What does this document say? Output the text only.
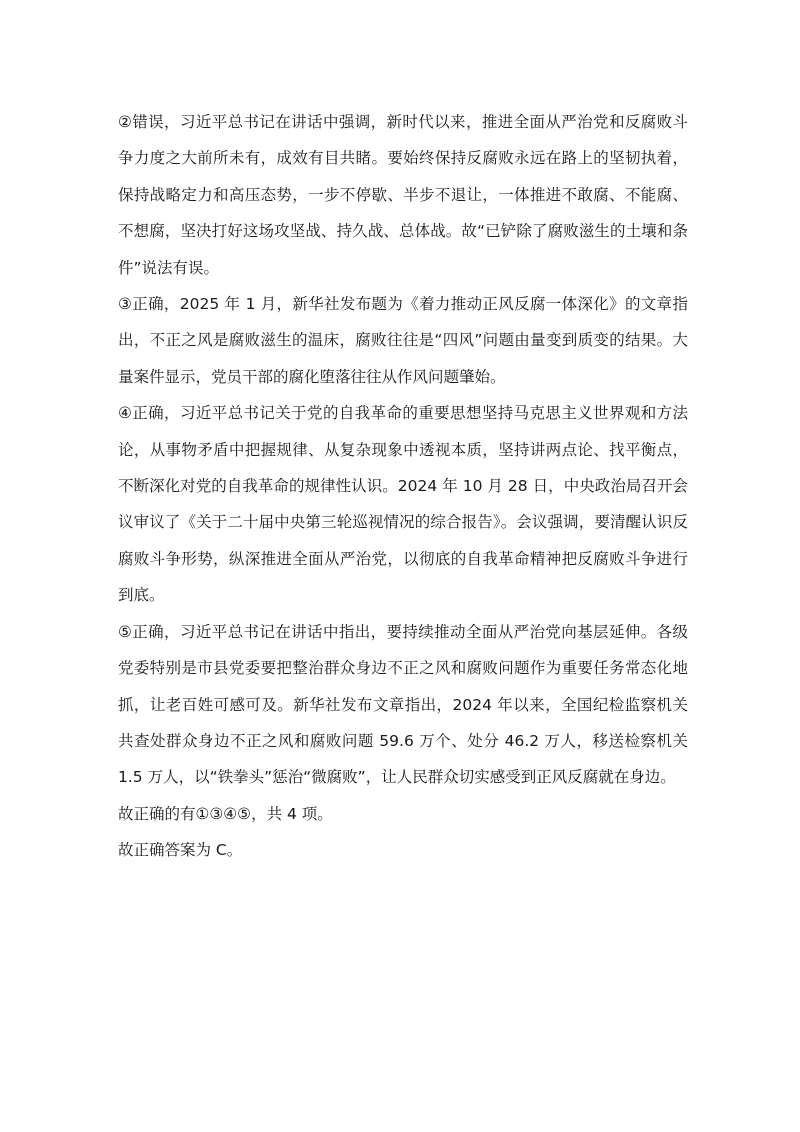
②错误，习近平总书记在讲话中强调，新时代以来，推进全面从严治党和反腐败斗争力度之大前所未有，成效有目共睹。要始终保持反腐败永远在路上的坚韧执着，保持战略定力和高压态势，一步不停歇、半步不退让，一体推进不敢腐、不能腐、不想腐，坚决打好这场攻坚战、持久战、总体战。故“已铲除了腐败滋生的土壤和条件”说法有误。

③正确，2025 年 1 月，新华社发布题为《着力推动正风反腐一体深化》的文章指出，不正之风是腐败滋生的温床，腐败往往是“四风”问题由量变到质变的结果。大量案件显示，党员干部的腐化堕落往往从作风问题肇始。

④正确，习近平总书记关于党的自我革命的重要思想坚持马克思主义世界观和方法论，从事物矛盾中把握规律、从复杂现象中透视本质，坚持讲两点论、找平衡点，不断深化对党的自我革命的规律性认识。2024 年 10 月 28 日，中央政治局召开会议审议了《关于二十届中央第三轮巡视情况的综合报告》。会议强调，要清醒认识反腐败斗争形势，纵深推进全面从严治党，以彻底的自我革命精神把反腐败斗争进行到底。

⑤正确，习近平总书记在讲话中指出，要持续推动全面从严治党向基层延伸。各级党委特别是市县党委要把整治群众身边不正之风和腐败问题作为重要任务常态化地抓，让老百姓可感可及。新华社发布文章指出，2024 年以来，全国纪检监察机关共查处群众身边不正之风和腐败问题 59.6 万个、处分 46.2 万人，移送检察机关 1.5 万人，以“铁拳头”惩治“微腐败”，让人民群众切实感受到正风反腐就在身边。

故正确的有①③④⑤，共 4 项。

故正确答案为 C。
